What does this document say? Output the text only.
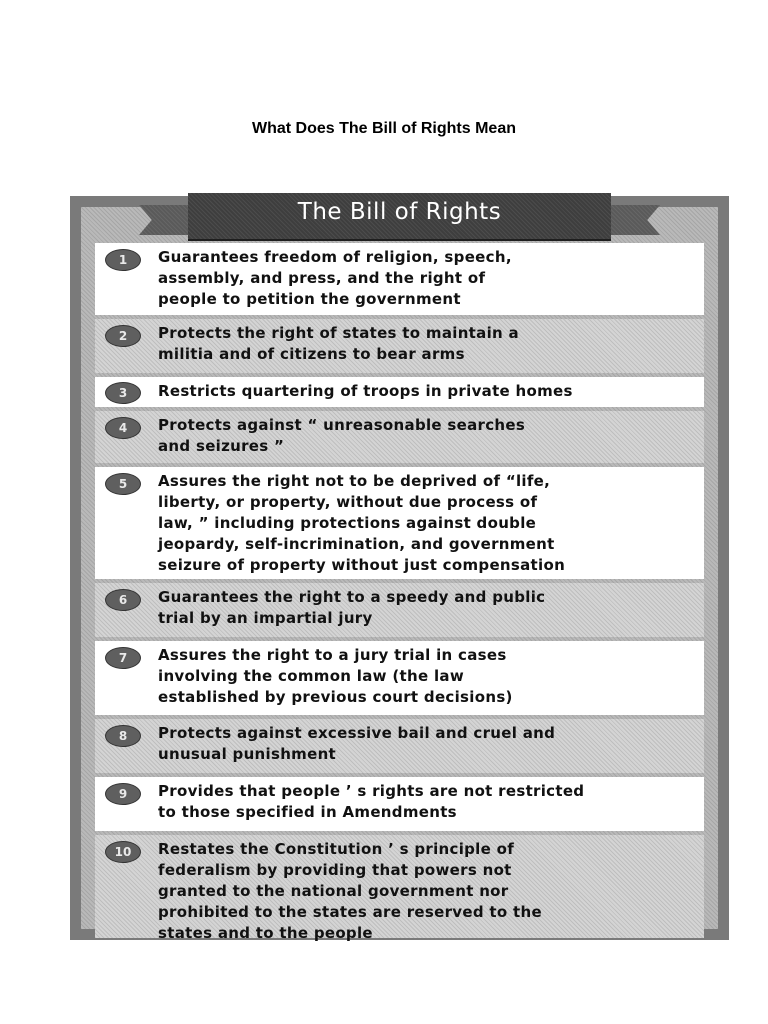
What Does The Bill of Rights Mean
The Bill of Rights
1	Guarantees freedom of religion, speech,
assembly, and press, and the right of
people to petition the government
2	Protects the right of states to maintain a
militia and of citizens to bear arms
3	Restricts quartering of troops in private homes
4	Protects against “ unreasonable searches
and seizures ”
5	Assures the right not to be deprived of “life,
liberty, or property, without due process of
law, ” including protections against double
jeopardy, self-incrimination, and government
seizure of property without just compensation
6	Guarantees the right to a speedy and public
trial by an impartial jury
7	Assures the right to a jury trial in cases
involving the common law (the law
established by previous court decisions)
8	Protects against excessive bail and cruel and
unusual punishment
9	Provides that people ’ s rights are not restricted
to those specified in Amendments
10	Restates the Constitution ’ s principle of
federalism by providing that powers not
granted to the national government nor
prohibited to the states are reserved to the
states and to the people
